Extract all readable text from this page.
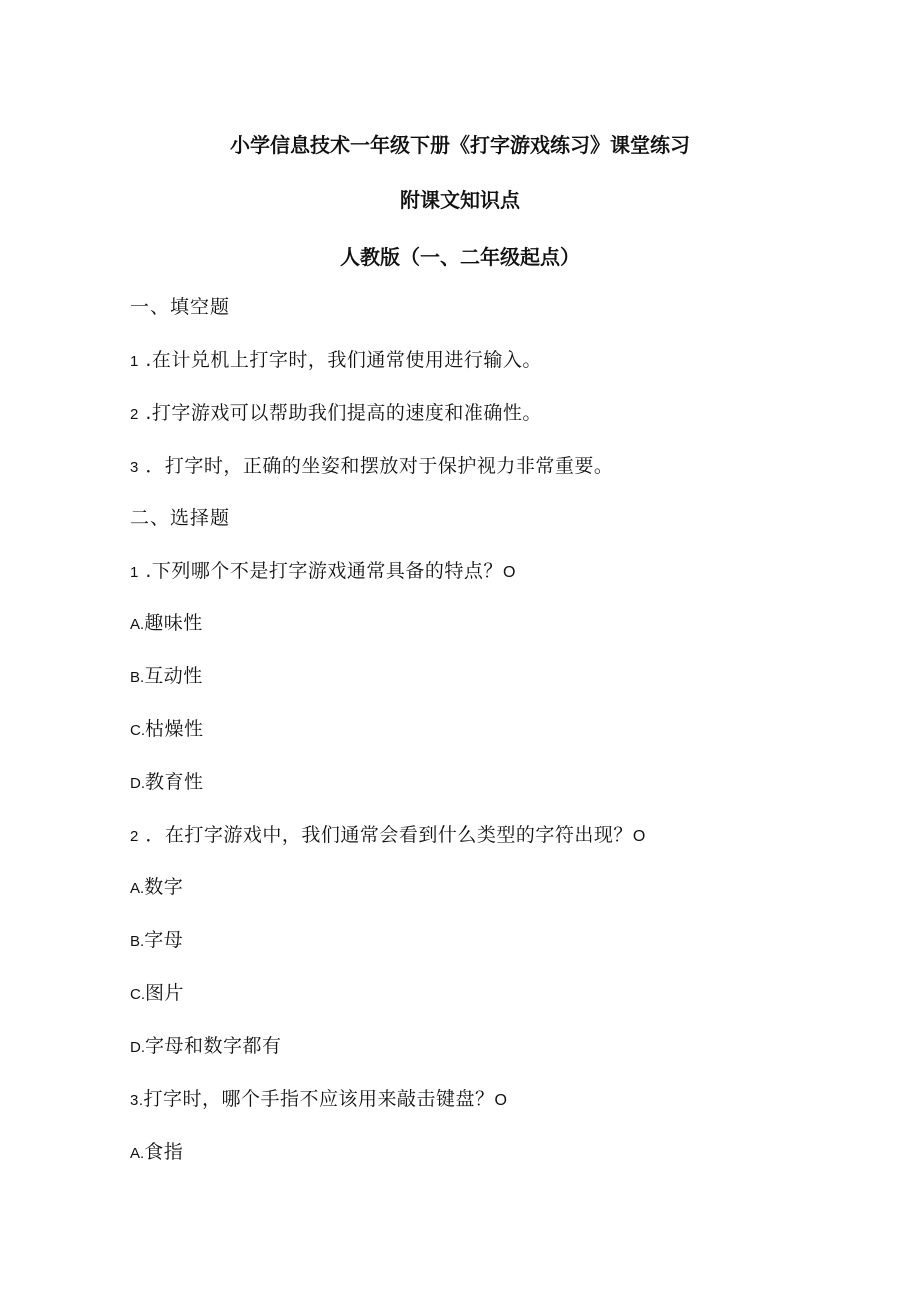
小学信息技术一年级下册《打字游戏练习》课堂练习
附课文知识点
人教版（一、二年级起点）
一、填空题
1 .在计兑机上打字时，我们通常使用进行输入。
2 .打字游戏可以帮助我们提高的速度和准确性。
3 ．打字时，正确的坐姿和摆放对于保护视力非常重要。
二、选择题
1 .下列哪个不是打字游戏通常具备的特点？O
A.趣味性
B.互动性
C.枯燥性
D.教育性
2 ．在打字游戏中，我们通常会看到什么类型的字符出现？O
A.数字
B.字母
C.图片
D.字母和数字都有
3.打字时，哪个手指不应该用来敲击键盘？O
A.食指
